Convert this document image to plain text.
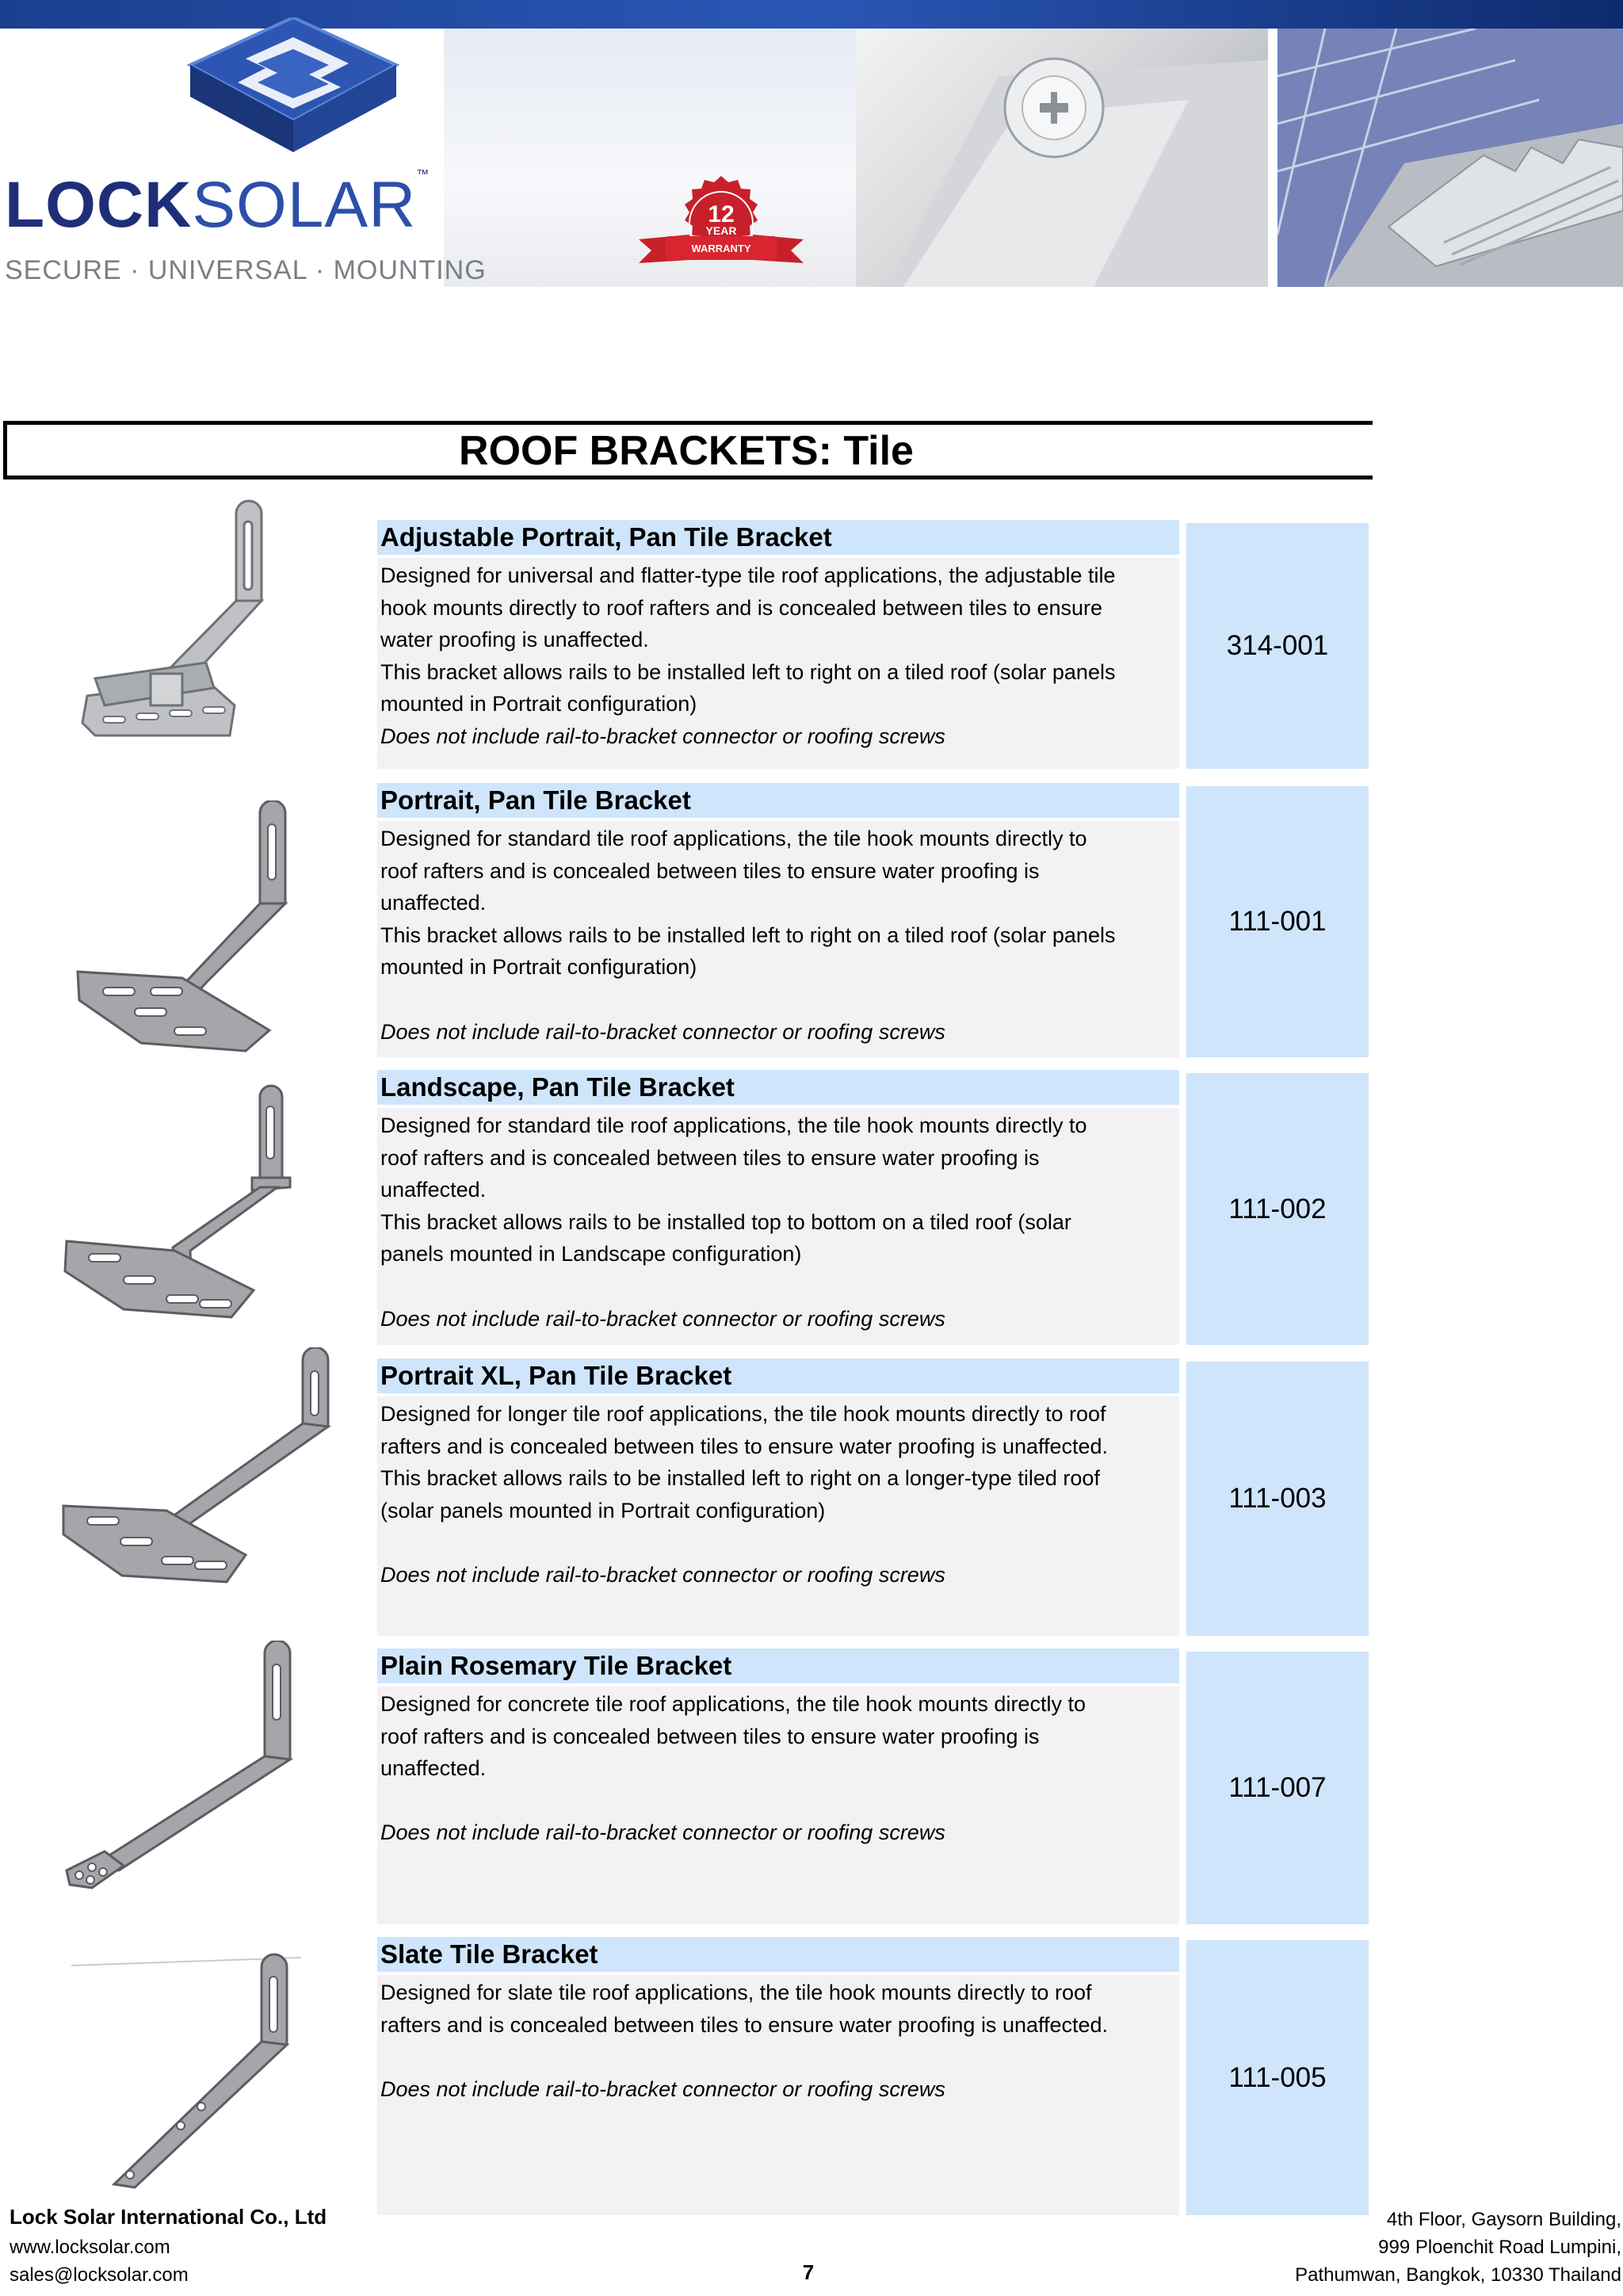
LOCKSOLAR™
SECURE · UNIVERSAL · MOUNTING
12
YEAR
WARRANTY
ROOF BRACKETS: Tile
Adjustable Portrait, Pan Tile Bracket
Designed for universal and flatter-type tile roof applications, the adjustable tile
hook mounts directly to roof rafters and is concealed between tiles to ensure
water proofing is unaffected.
This bracket allows rails to be installed left to right on a tiled roof (solar panels
mounted in Portrait configuration)
Does not include rail-to-bracket connector or roofing screws
314-001
Portrait, Pan Tile Bracket
Designed for standard tile roof applications, the tile hook mounts directly to
roof rafters and is concealed between tiles to ensure water proofing is
unaffected.
This bracket allows rails to be installed left to right on a tiled roof (solar panels
mounted in Portrait configuration)

Does not include rail-to-bracket connector or roofing screws
111-001
Landscape, Pan Tile Bracket
Designed for standard tile roof applications, the tile hook mounts directly to
roof rafters and is concealed between tiles to ensure water proofing is
unaffected.
This bracket allows rails to be installed top to bottom on a tiled roof (solar
panels mounted in Landscape configuration)

Does not include rail-to-bracket connector or roofing screws
111-002
Portrait XL, Pan Tile Bracket
Designed for longer tile roof applications, the tile hook mounts directly to roof
rafters and is concealed between tiles to ensure water proofing is unaffected.
This bracket allows rails to be installed left to right on a longer-type tiled roof
(solar panels mounted in Portrait configuration)

Does not include rail-to-bracket connector or roofing screws
111-003
Plain Rosemary Tile Bracket
Designed for concrete tile roof applications, the tile hook mounts directly to
roof rafters and is concealed between tiles to ensure water proofing is
unaffected.

Does not include rail-to-bracket connector or roofing screws
111-007
Slate Tile Bracket
Designed for slate tile roof applications, the tile hook mounts directly to roof
rafters and is concealed between tiles to ensure water proofing is unaffected.

Does not include rail-to-bracket connector or roofing screws	111-005
Lock Solar International Co., Ltd
www.locksolar.com
sales@locksolar.com	7
4th Floor, Gaysorn Building,
999 Ploenchit Road Lumpini,
Pathumwan, Bangkok, 10330 Thailand
